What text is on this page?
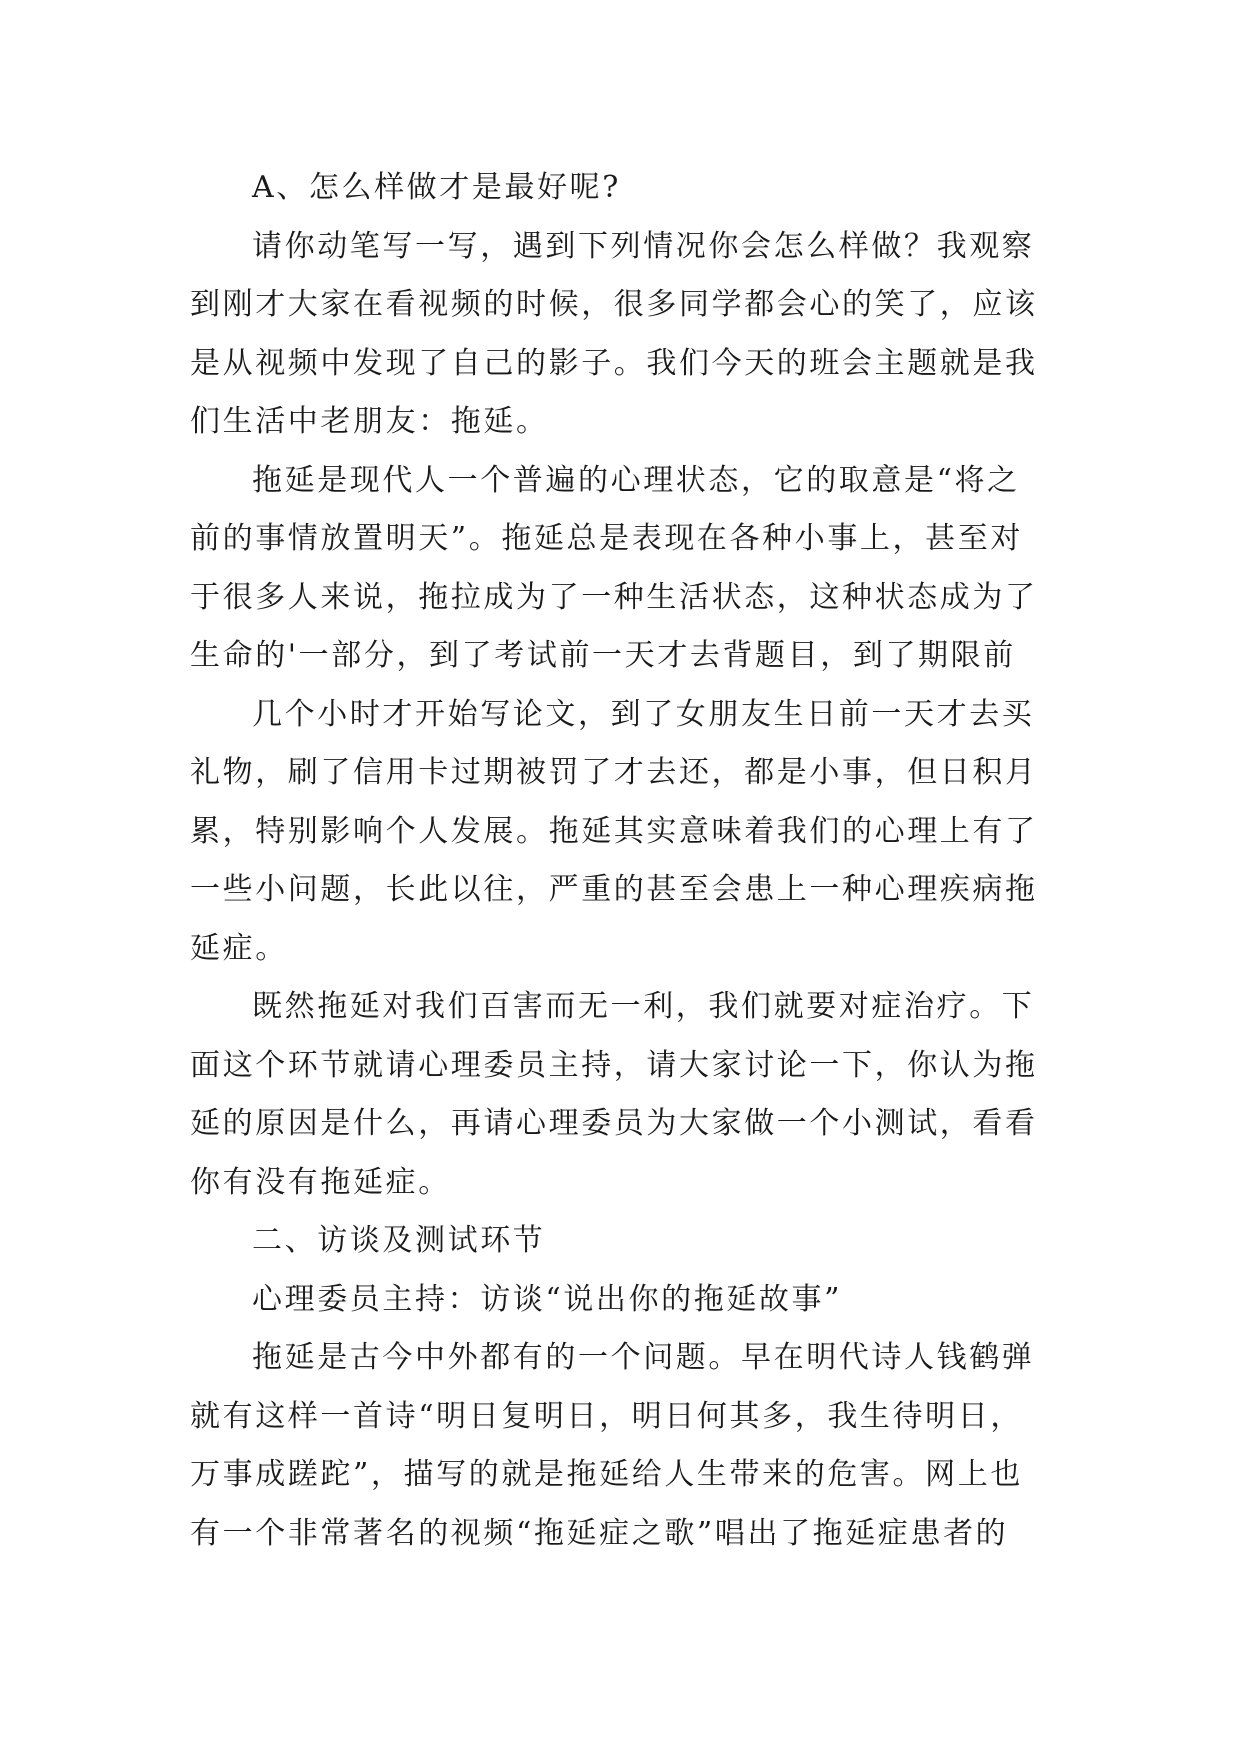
A、怎么样做才是最好呢?
请你动笔写一写，遇到下列情况你会怎么样做？我观察
到刚才大家在看视频的时候，很多同学都会心的笑了，应该
是从视频中发现了自己的影子。我们今天的班会主题就是我
们生活中老朋友：拖延。
拖延是现代人一个普遍的心理状态，它的取意是“将之
前的事情放置明天”。拖延总是表现在各种小事上，甚至对
于很多人来说，拖拉成为了一种生活状态，这种状态成为了
生命的'一部分，到了考试前一天才去背题目，到了期限前
几个小时才开始写论文，到了女朋友生日前一天才去买
礼物，刷了信用卡过期被罚了才去还，都是小事，但日积月
累，特别影响个人发展。拖延其实意味着我们的心理上有了
一些小问题，长此以往，严重的甚至会患上一种心理疾病拖
延症。
既然拖延对我们百害而无一利，我们就要对症治疗。下
面这个环节就请心理委员主持，请大家讨论一下，你认为拖
延的原因是什么，再请心理委员为大家做一个小测试，看看
你有没有拖延症。
二、访谈及测试环节
心理委员主持：访谈“说出你的拖延故事”
拖延是古今中外都有的一个问题。早在明代诗人钱鹤弹
就有这样一首诗“明日复明日，明日何其多，我生待明日，
万事成蹉跎”，描写的就是拖延给人生带来的危害。网上也
有一个非常著名的视频“拖延症之歌”唱出了拖延症患者的
